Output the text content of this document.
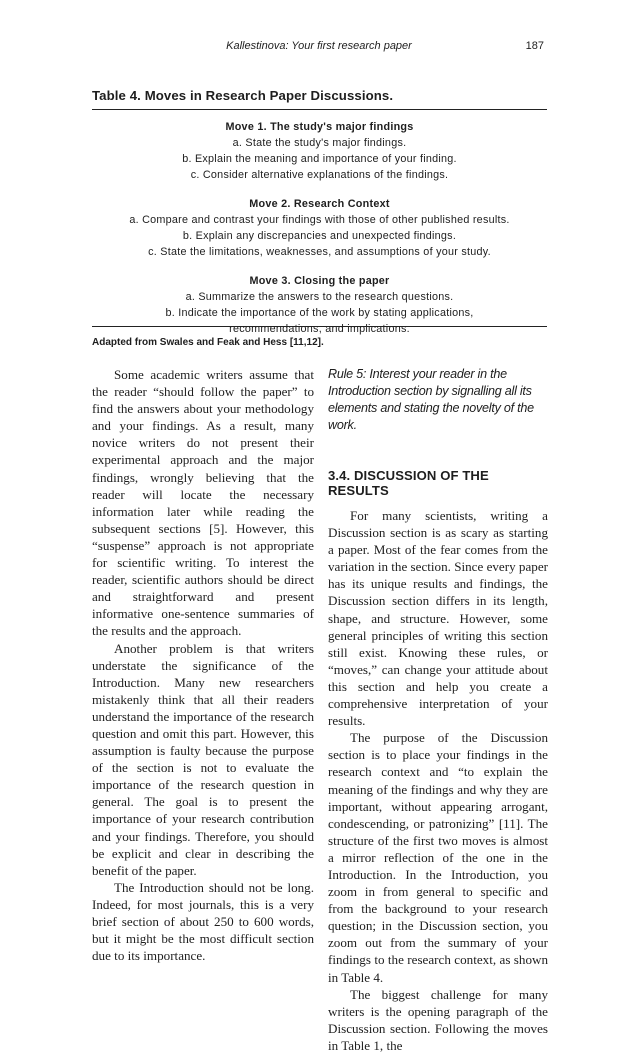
Kallestinova: Your first research paper	187
Table 4. Moves in Research Paper Discussions.
Move 1. The study's major findings
a. State the study's major findings.
b. Explain the meaning and importance of your finding.
c. Consider alternative explanations of the findings.
Move 2. Research Context
a. Compare and contrast your findings with those of other published results.
b. Explain any discrepancies and unexpected findings.
c. State the limitations, weaknesses, and assumptions of your study.
Move 3. Closing the paper
a. Summarize the answers to the research questions.
b. Indicate the importance of the work by stating applications,
recommendations, and implications.
Adapted from Swales and Feak and Hess [11,12].

Some academic writers assume that the reader “should follow the paper” to find the answers about your methodology and your findings. As a result, many novice writers do not present their experimental approach and the major findings, wrongly believing that the reader will locate the necessary information later while reading the subsequent sections [5]. However, this “suspense” approach is not appropriate for scientific writing. To interest the reader, scientific authors should be direct and straightforward and present informative one-sentence summaries of the results and the approach.

Another problem is that writers understate the significance of the Introduction. Many new researchers mistakenly think that all their readers understand the importance of the research question and omit this part. However, this assumption is faulty because the purpose of the section is not to evaluate the importance of the research question in general. The goal is to present the importance of your research contribution and your findings. Therefore, you should be explicit and clear in describing the benefit of the paper.

The Introduction should not be long. Indeed, for most journals, this is a very brief section of about 250 to 600 words, but it might be the most difficult section due to its importance.

Rule 5: Interest your reader in the Introduction section by signalling all its elements and stating the novelty of the work.

3.4. DISCUSSION OF THE RESULTS

For many scientists, writing a Discussion section is as scary as starting a paper. Most of the fear comes from the variation in the section. Since every paper has its unique results and findings, the Discussion section differs in its length, shape, and structure. However, some general principles of writing this section still exist. Knowing these rules, or “moves,” can change your attitude about this section and help you create a comprehensive interpretation of your results.

The purpose of the Discussion section is to place your findings in the research context and “to explain the meaning of the findings and why they are important, without appearing arrogant, condescending, or patronizing” [11]. The structure of the first two moves is almost a mirror reflection of the one in the Introduction. In the Introduction, you zoom in from general to specific and from the background to your research question; in the Discussion section, you zoom out from the summary of your findings to the research context, as shown in Table 4.

The biggest challenge for many writers is the opening paragraph of the Discussion section. Following the moves in Table 1, the
